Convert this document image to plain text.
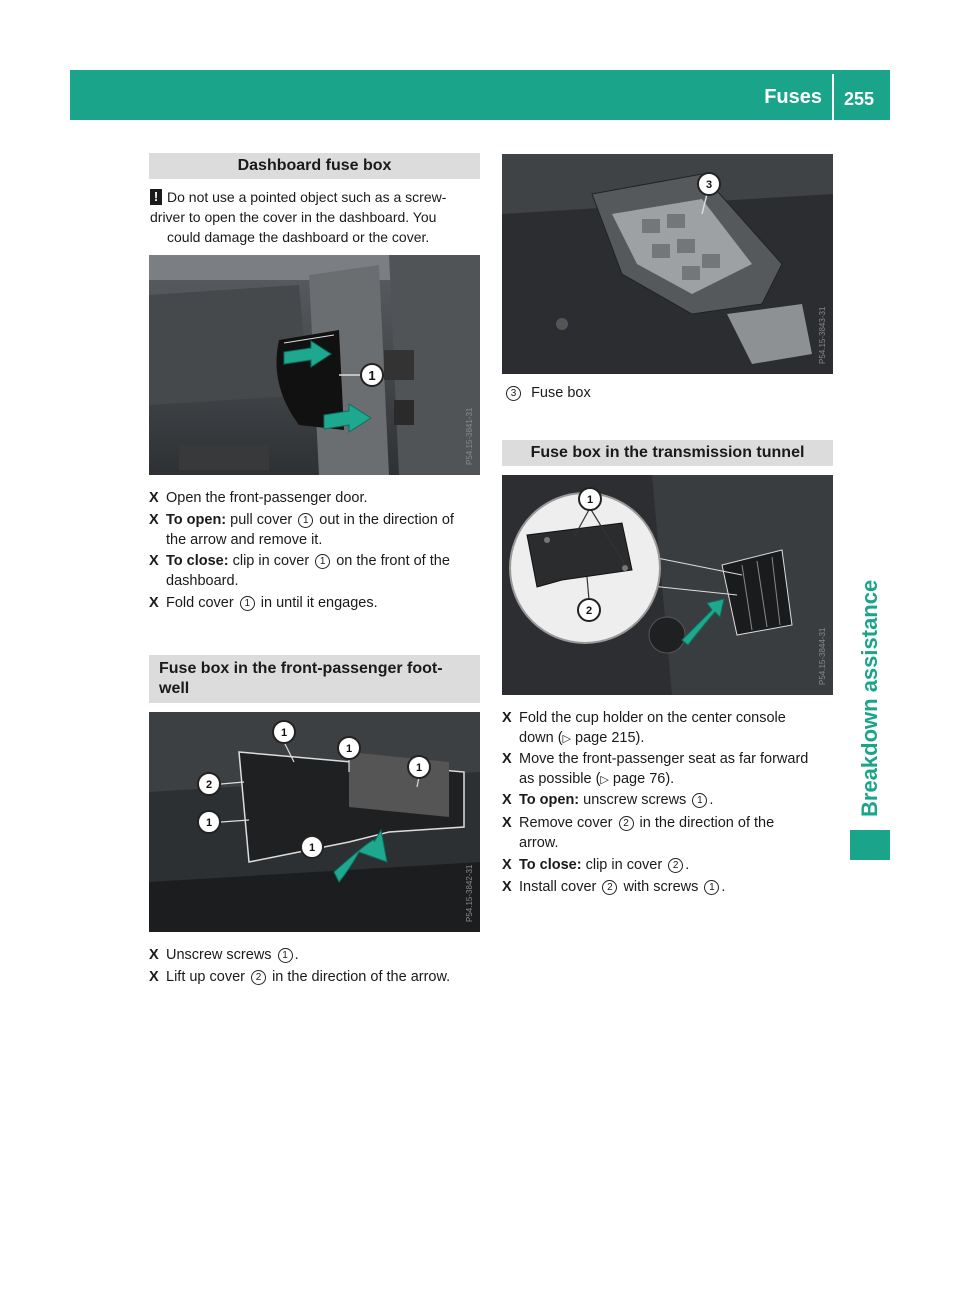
Fuses 255
Breakdown assistance
Dashboard fuse box
! Do not use a pointed object such as a screw-
driver to open the cover in the dashboard. You
could damage the dashboard or the cover.
1
P54.15-3841-31
X Open the front-passenger door.
X To open: pull cover 1 out in the direction of
the arrow and remove it.
X To close: clip in cover 1 on the front of the
dashboard.
X Fold cover 1 in until it engages.
Fuse box in the front-passenger foot-
well
1
1
1
2
1
1
P54.15-3842-31
X Unscrew screws 1 .
X Lift up cover 2 in the direction of the arrow.
3
P54.15-3843-31
3 Fuse box
Fuse box in the transmission tunnel
1
2
P54.15-3844-31
X Fold the cup holder on the center console
down (▷ page 215).
X Move the front-passenger seat as far forward
as possible (▷ page 76).
X To open: unscrew screws 1 .
X Remove cover 2 in the direction of the
arrow.
X To close: clip in cover 2 .
X Install cover 2 with screws 1 .
